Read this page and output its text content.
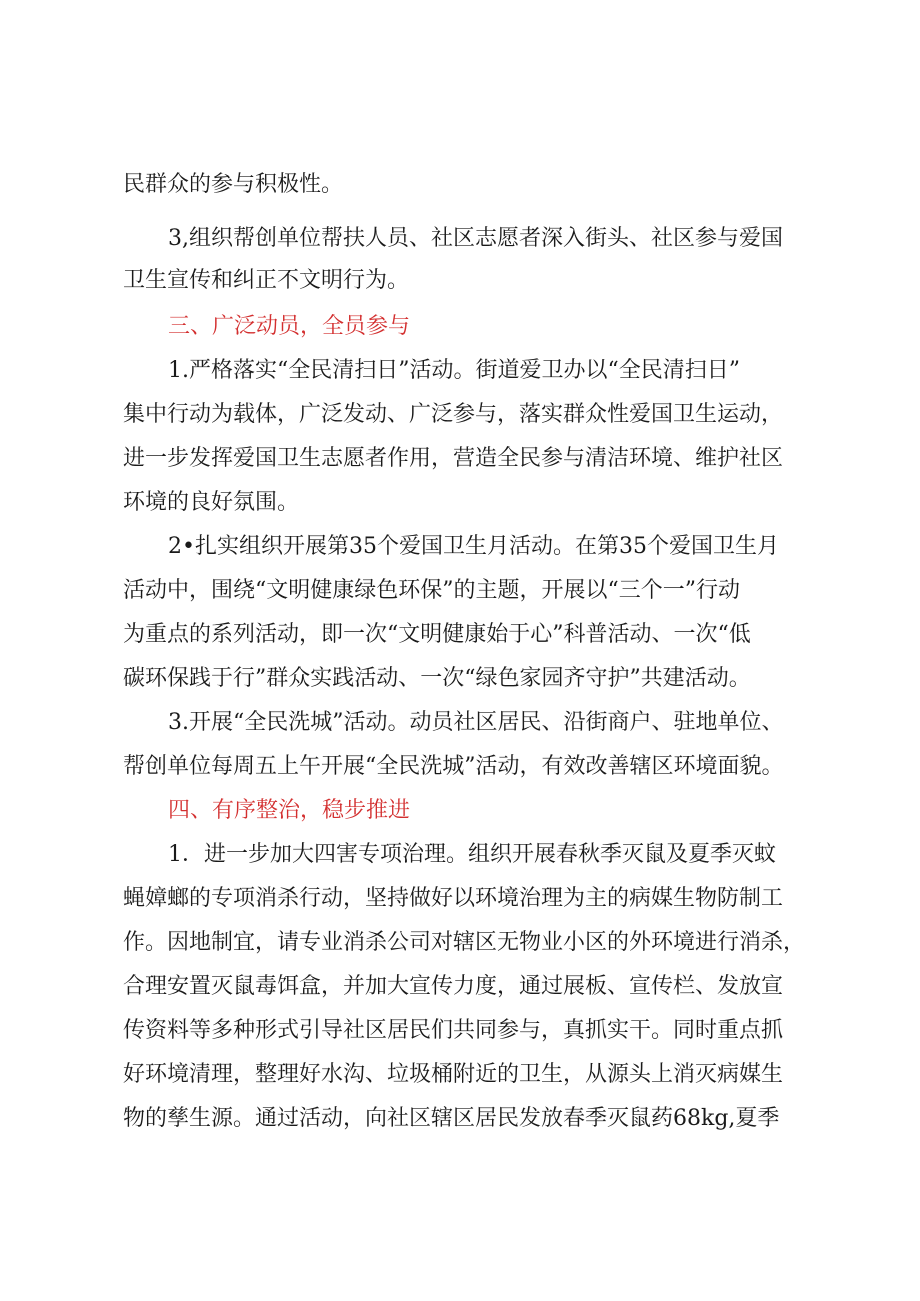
民群众的参与积极性。
3,组织帮创单位帮扶人员、社区志愿者深入街头、社区参与爱国
卫生宣传和纠正不文明行为。
三、广泛动员，全员参与
1.严格落实“全民清扫日”活动。街道爱卫办以“全民清扫日”
集中行动为载体，广泛发动、广泛参与，落实群众性爱国卫生运动，
进一步发挥爱国卫生志愿者作用，营造全民参与清洁环境、维护社区
环境的良好氛围。
2•扎实组织开展第35个爱国卫生月活动。在第35个爱国卫生月
活动中，围绕“文明健康绿色环保”的主题，开展以“三个一”行动
为重点的系列活动，即一次“文明健康始于心”科普活动、一次“低
碳环保践于行”群众实践活动、一次“绿色家园齐守护”共建活动。
3.开展“全民洗城”活动。动员社区居民、沿街商户、驻地单位、
帮创单位每周五上午开展“全民洗城”活动，有效改善辖区环境面貌。
四、有序整治，稳步推进
1．进一步加大四害专项治理。组织开展春秋季灭鼠及夏季灭蚊
蝇嫜螂的专项消杀行动，坚持做好以环境治理为主的病媒生物防制工
作。因地制宜，请专业消杀公司对辖区无物业小区的外环境进行消杀，
合理安置灭鼠毒饵盒，并加大宣传力度，通过展板、宣传栏、发放宣
传资料等多种形式引导社区居民们共同参与，真抓实干。同时重点抓
好环境清理，整理好水沟、垃圾桶附近的卫生，从源头上消灭病媒生
物的孳生源。通过活动，向社区辖区居民发放春季灭鼠药68kg,夏季
